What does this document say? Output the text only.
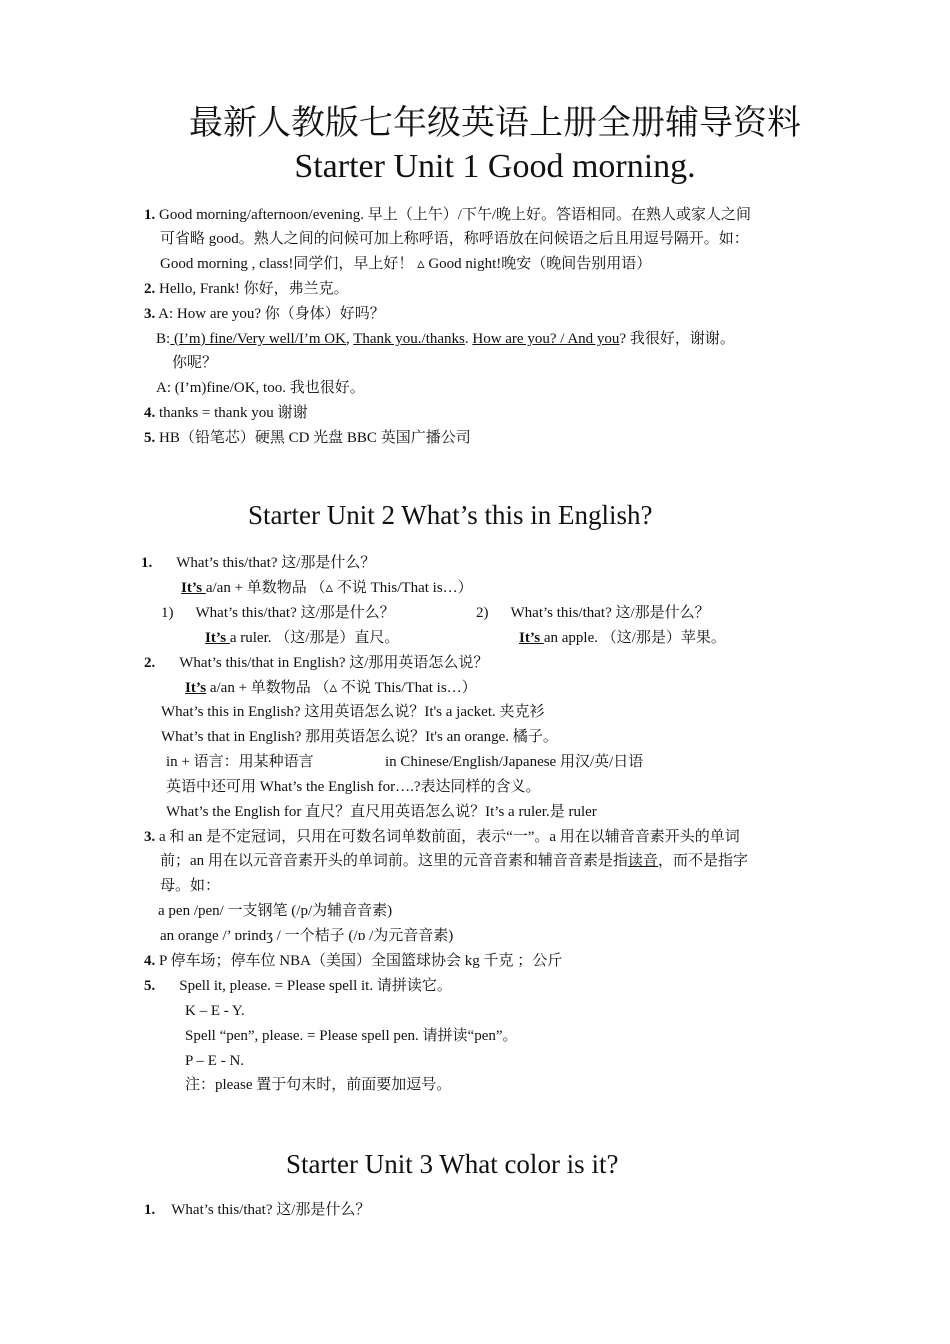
最新人教版七年级英语上册全册辅导资料
Starter Unit 1 Good morning.
1. Good morning/afternoon/evening. 早上（上午）/下午/晚上好。答语相同。在熟人或家人之间
可省略 good。熟人之间的问候可加上称呼语，称呼语放在问候语之后且用逗号隔开。如：
Good morning , class!同学们，早上好！ ▵ Good night!晚安（晚间告别用语）
2. Hello, Frank! 你好，弗兰克。
3. A: How are you? 你（身体）好吗？
B: (I’m) fine/Very well/I’m OK, Thank you./thanks. How are you? / And you? 我很好，谢谢。
你呢？
A: (I’m)fine/OK, too. 我也很好。
4. thanks = thank you 谢谢
5. HB（铅笔芯）硬黑 CD 光盘 BBC 英国广播公司
Starter Unit 2 What’s this in English?
1. What’s this/that? 这/那是什么？
It’s a/an + 单数物品 （▵ 不说 This/That is…）
1) What’s this/that? 这/那是什么？	2) What’s this/that? 这/那是什么？
It’s a ruler. （这/那是）直尺。	It’s an apple. （这/那是）苹果。
2. What’s this/that in English? 这/那用英语怎么说？
It’s a/an + 单数物品 （▵ 不说 This/That is…）
What’s this in English? 这用英语怎么说？It's a jacket. 夹克衫
What’s that in English? 那用英语怎么说？It's an orange. 橘子。
in + 语言：用某种语言	in Chinese/English/Japanese 用汉/英/日语
英语中还可用 What’s the English for….?表达同样的含义。
What’s the English for 直尺？直尺用英语怎么说？It’s a ruler.是 ruler
3. a 和 an 是不定冠词，只用在可数名词单数前面，表示“一”。a 用在以辅音音素开头的单词
前；an 用在以元音音素开头的单词前。这里的元音音素和辅音音素是指读音，而不是指字
母。如：
a pen /pen/ 一支钢笔 (/p/为辅音音素)
an orange /’ ɒrindʒ / 一个桔子 (/ɒ /为元音音素)
4. P 停车场；停车位 NBA（美国）全国篮球协会 kg 千克 ；公斤
5. Spell it, please. = Please spell it. 请拼读它。
K – E - Y.
Spell “pen”, please. = Please spell pen. 请拼读“pen”。
P – E - N.
注：please 置于句末时，前面要加逗号。
Starter Unit 3 What color is it?
1. What’s this/that? 这/那是什么？
